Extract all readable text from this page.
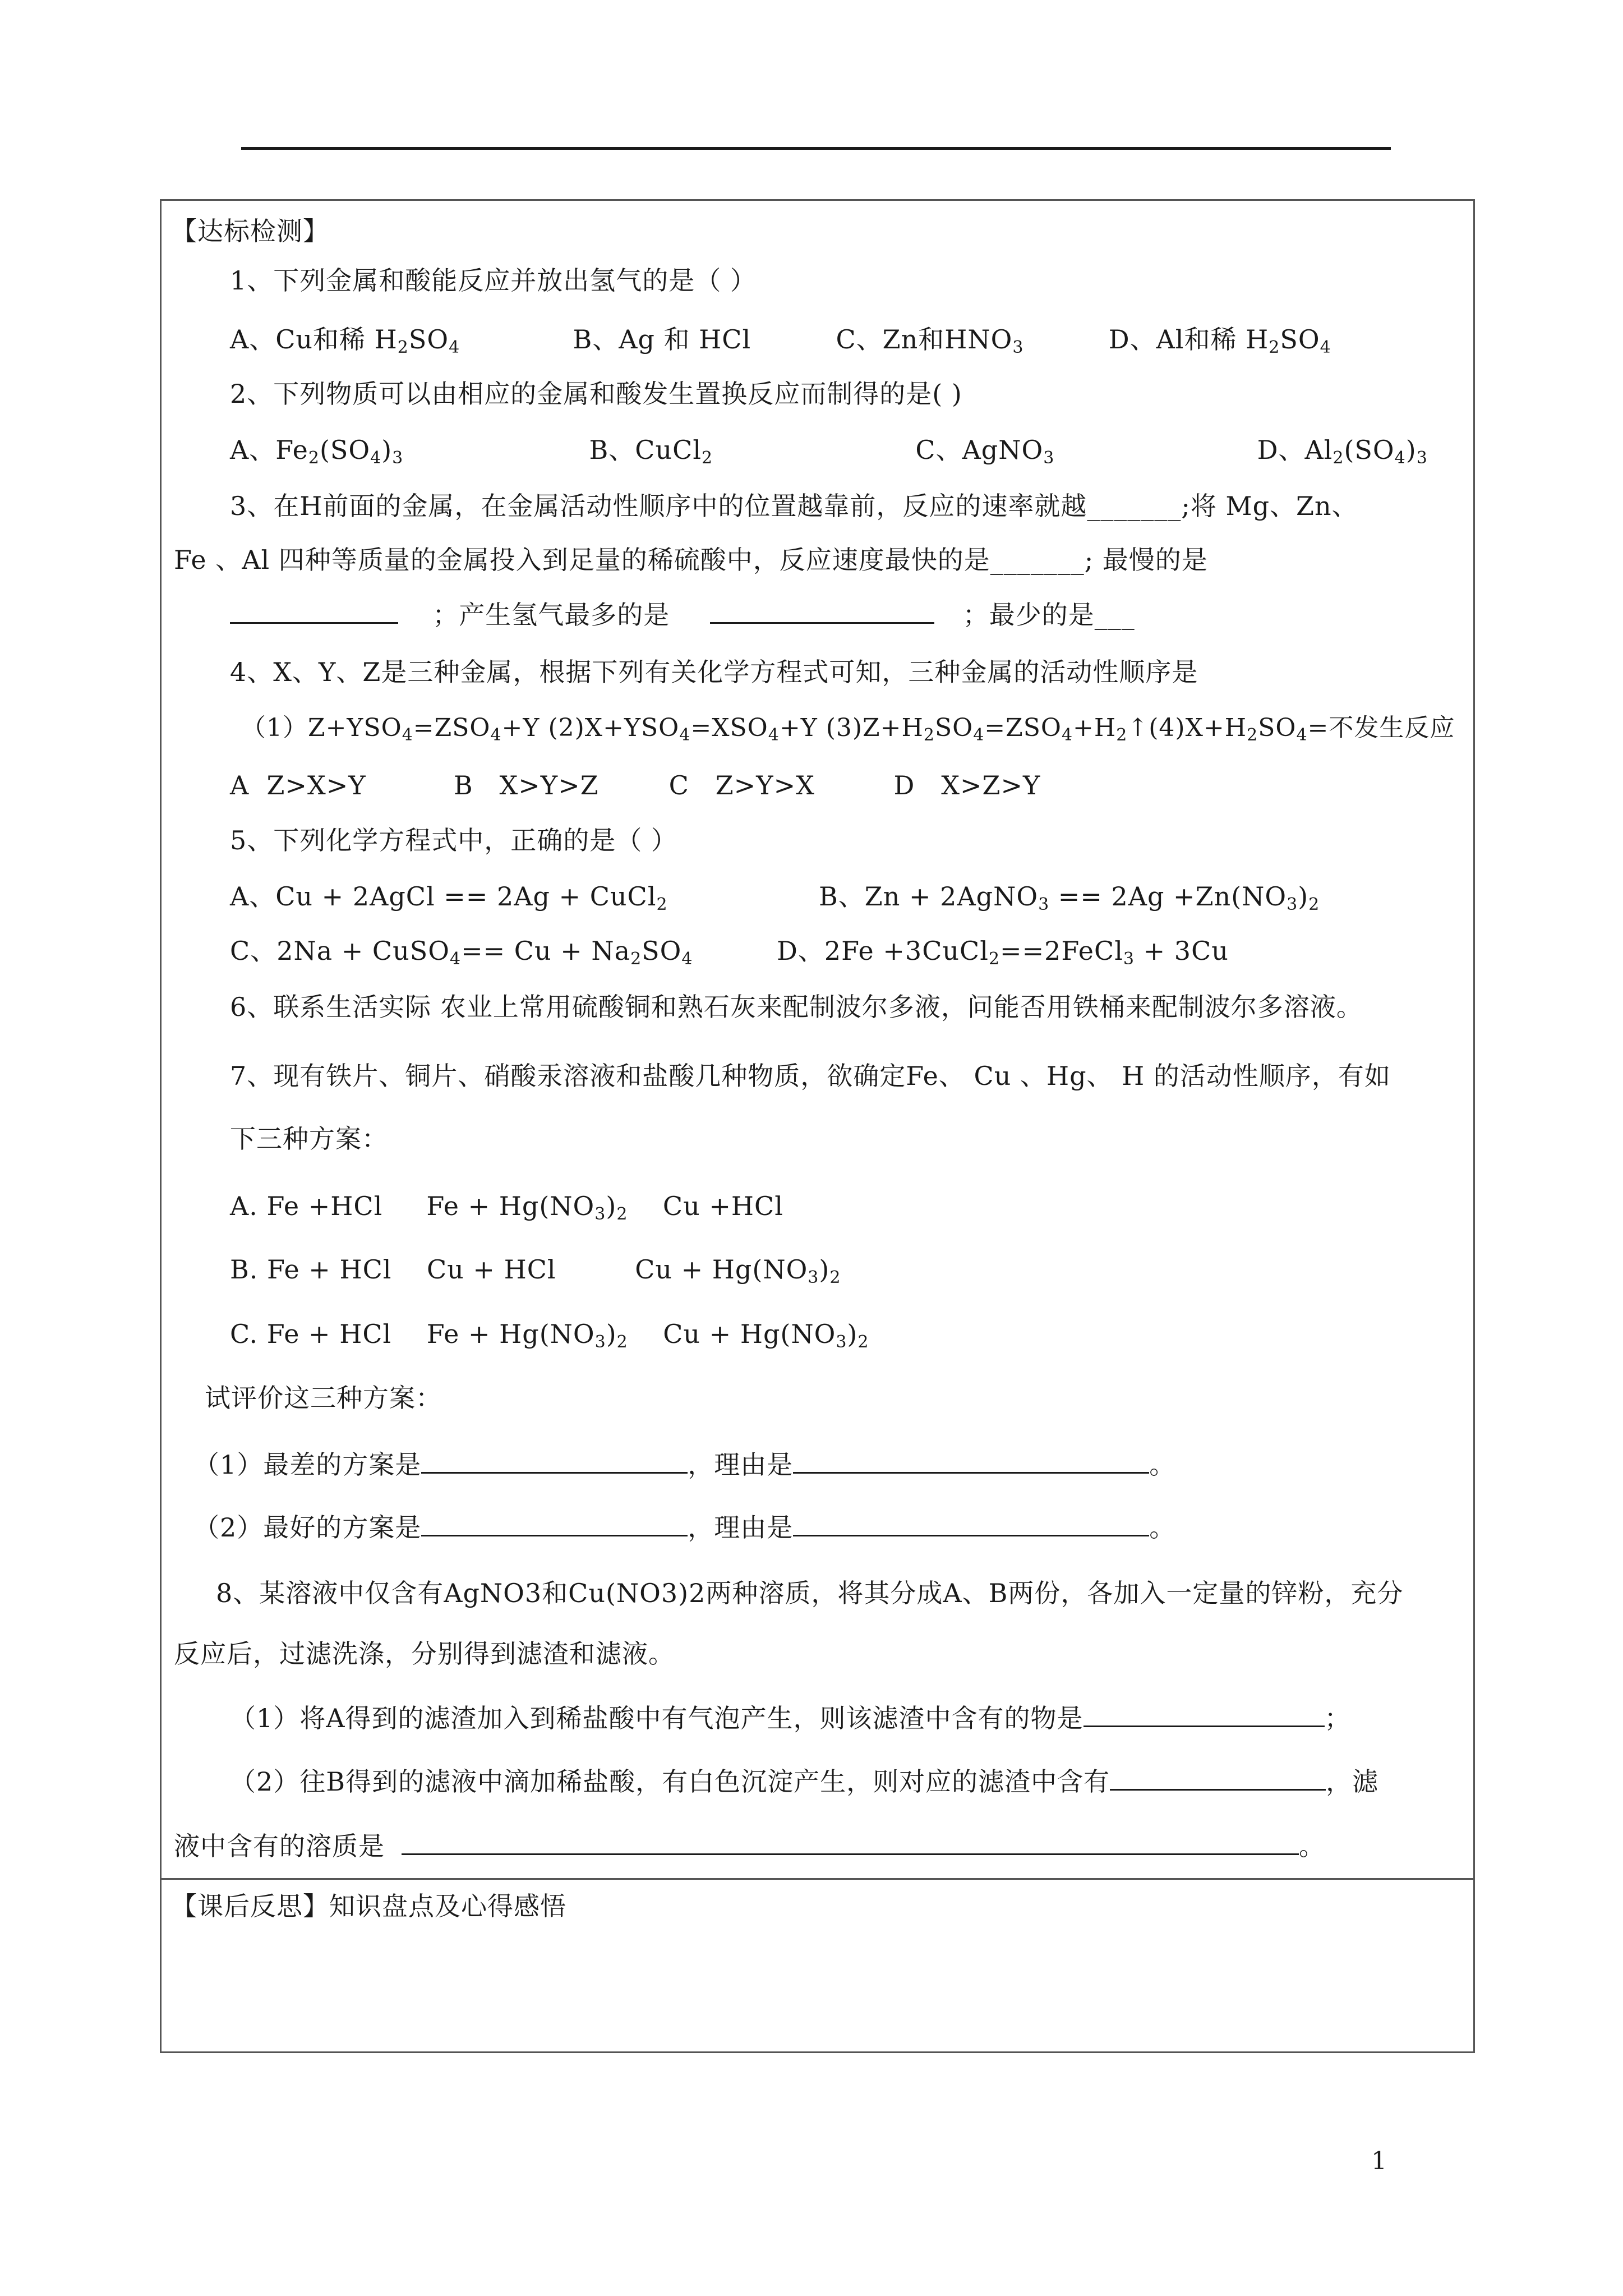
【达标检测】
1、下列金属和酸能反应并放出氢气的是（ ）
A、Cu和稀 $H_2SO_4$	B、Ag 和 HCl	C、Zn和$HNO_3$	D、Al和稀 $H_2SO_4$
2、下列物质可以由相应的金属和酸发生置换反应而制得的是( )
A、$Fe_2(SO_4)_3$	B、CuCl$_2$	C、AgNO$_3$	D、$Al_2(SO_4)_3$
3、在H前面的金属，在金属活动性顺序中的位置越靠前，反应的速率就越_______;将 Mg、Zn、
Fe 、Al 四种等质量的金属投入到足量的稀硫酸中，反应速度最快的是_______; 最慢的是
；产生氢气最多的是	；最少的是___
4、X、Y、Z是三种金属，根据下列有关化学方程式可知，三种金属的活动性顺序是
$(1)Z+YSO_4=ZSO_4+Y$ $(2)X+YSO_4=XSO_4+Y$ $(3)Z+H_2SO_4=ZSO_4+H_2↑(4)X+H_2SO_4=$不发生反应
A  Z>X>Y          B   X>Y>Z        C   Z>Y>X         D   X>Z>Y
5、下列化学方程式中，正确的是（ ）
A、Cu + 2AgCl == 2Ag + CuCl$_2$	B、Zn + 2AgNO$_3$ == $2Ag +Zn(NO_3)_2$
C、2Na + CuSO$_4$== $Cu + Na_2SO_4$	D、2Fe +3CuCl$_2$==2FeCl$_3$ + 3Cu
6、联系生活实际 农业上常用硫酸铜和熟石灰来配制波尔多液，问能否用铁桶来配制波尔多溶液。
7、现有铁片、铜片、硝酸汞溶液和盐酸几种物质，欲确定Fe、 Cu 、Hg、 H 的活动性顺序，有如
下三种方案：
A. Fe +HCl     $Fe + Hg(NO_3)_2$    Cu +HCl
B. Fe + HCl    Cu + HCl         $Cu + Hg(NO_3)_2$
C. Fe + HCl    $Fe + Hg(NO_3)_2$    $Cu + Hg(NO_3)_2$
试评价这三种方案：
（1）最差的方案是	，理由是	。
（2）最好的方案是	，理由是	。
8、某溶液中仅含有AgNO3和Cu(NO3)2两种溶质，将其分成A、B两份，各加入一定量的锌粉，充分
反应后，过滤洗涤，分别得到滤渣和滤液。
（1）将A得到的滤渣加入到稀盐酸中有气泡产生，则该滤渣中含有的物是	；
（2）往B得到的滤液中滴加稀盐酸，有白色沉淀产生，则对应的滤渣中含有	，滤
液中含有的溶质是	。
【课后反思】知识盘点及心得感悟
1
